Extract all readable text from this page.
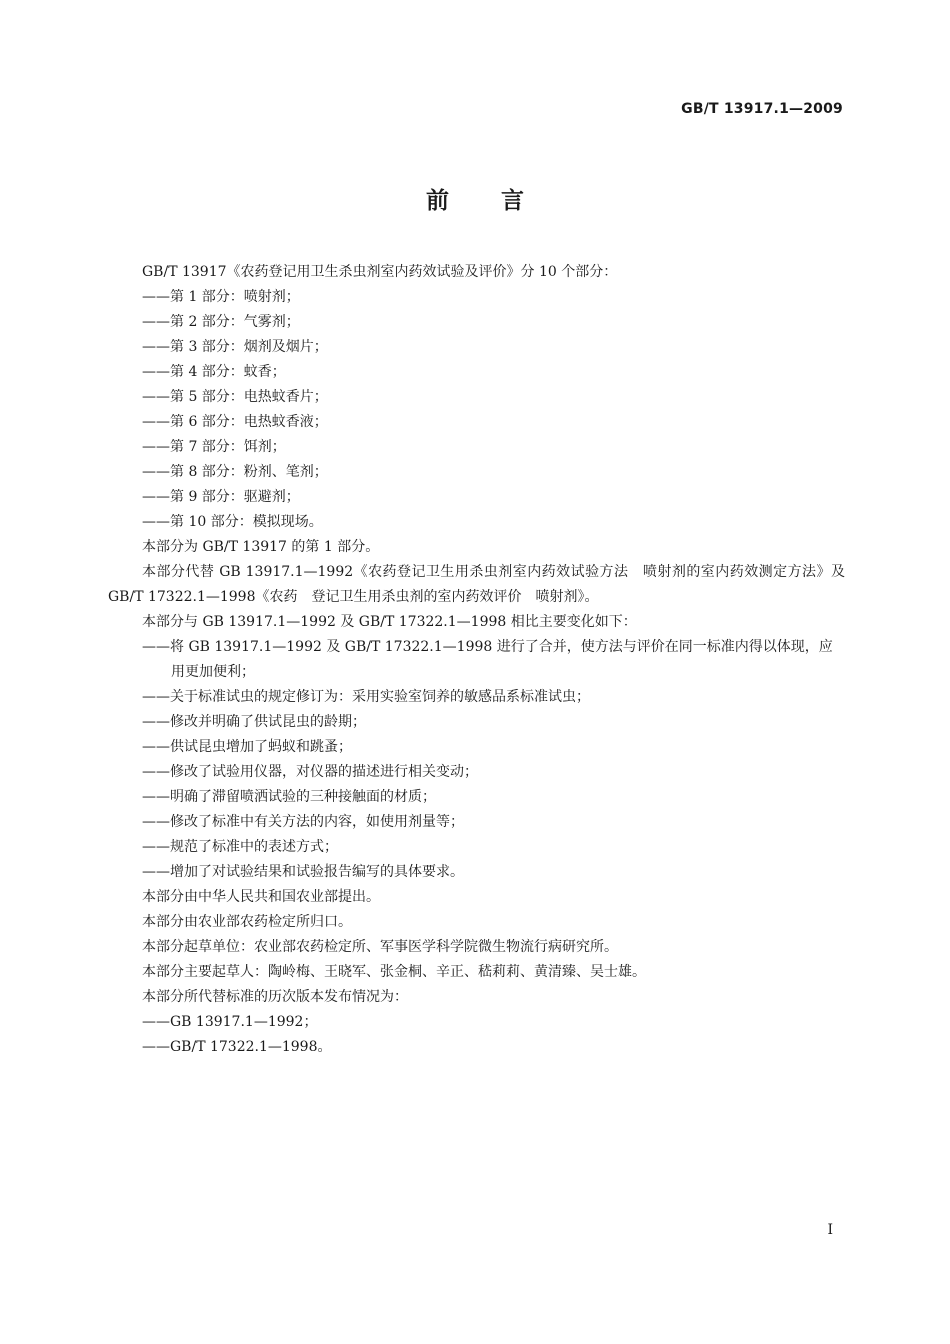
GB/T 13917.1—2009
前 言

GB/T 13917《农药登记用卫生杀虫剂室内药效试验及评价》分 10 个部分：

——第 1 部分：喷射剂；

——第 2 部分：气雾剂；

——第 3 部分：烟剂及烟片；

——第 4 部分：蚊香；

——第 5 部分：电热蚊香片；

——第 6 部分：电热蚊香液；

——第 7 部分：饵剂；

——第 8 部分：粉剂、笔剂；

——第 9 部分：驱避剂；

——第 10 部分：模拟现场。

本部分为 GB/T 13917 的第 1 部分。

本部分代替 GB 13917.1—1992《农药登记卫生用杀虫剂室内药效试验方法　喷射剂的室内药效测定方法》及 GB/T 17322.1—1998《农药　登记卫生用杀虫剂的室内药效评价　喷射剂》。

本部分与 GB 13917.1—1992 及 GB/T 17322.1—1998 相比主要变化如下：

——将 GB 13917.1—1992 及 GB/T 17322.1—1998 进行了合并，使方法与评价在同一标准内得以体现，应用更加便利；

——关于标准试虫的规定修订为：采用实验室饲养的敏感品系标准试虫；

——修改并明确了供试昆虫的龄期；

——供试昆虫增加了蚂蚁和跳蚤；

——修改了试验用仪器，对仪器的描述进行相关变动；

——明确了滞留喷洒试验的三种接触面的材质；

——修改了标准中有关方法的内容，如使用剂量等；

——规范了标准中的表述方式；

——增加了对试验结果和试验报告编写的具体要求。

本部分由中华人民共和国农业部提出。

本部分由农业部农药检定所归口。

本部分起草单位：农业部农药检定所、军事医学科学院微生物流行病研究所。

本部分主要起草人：陶岭梅、王晓军、张金桐、辛正、嵇莉莉、黄清臻、吴士雄。

本部分所代替标准的历次版本发布情况为：

——GB 13917.1—1992；

——GB/T 17322.1—1998。

I
